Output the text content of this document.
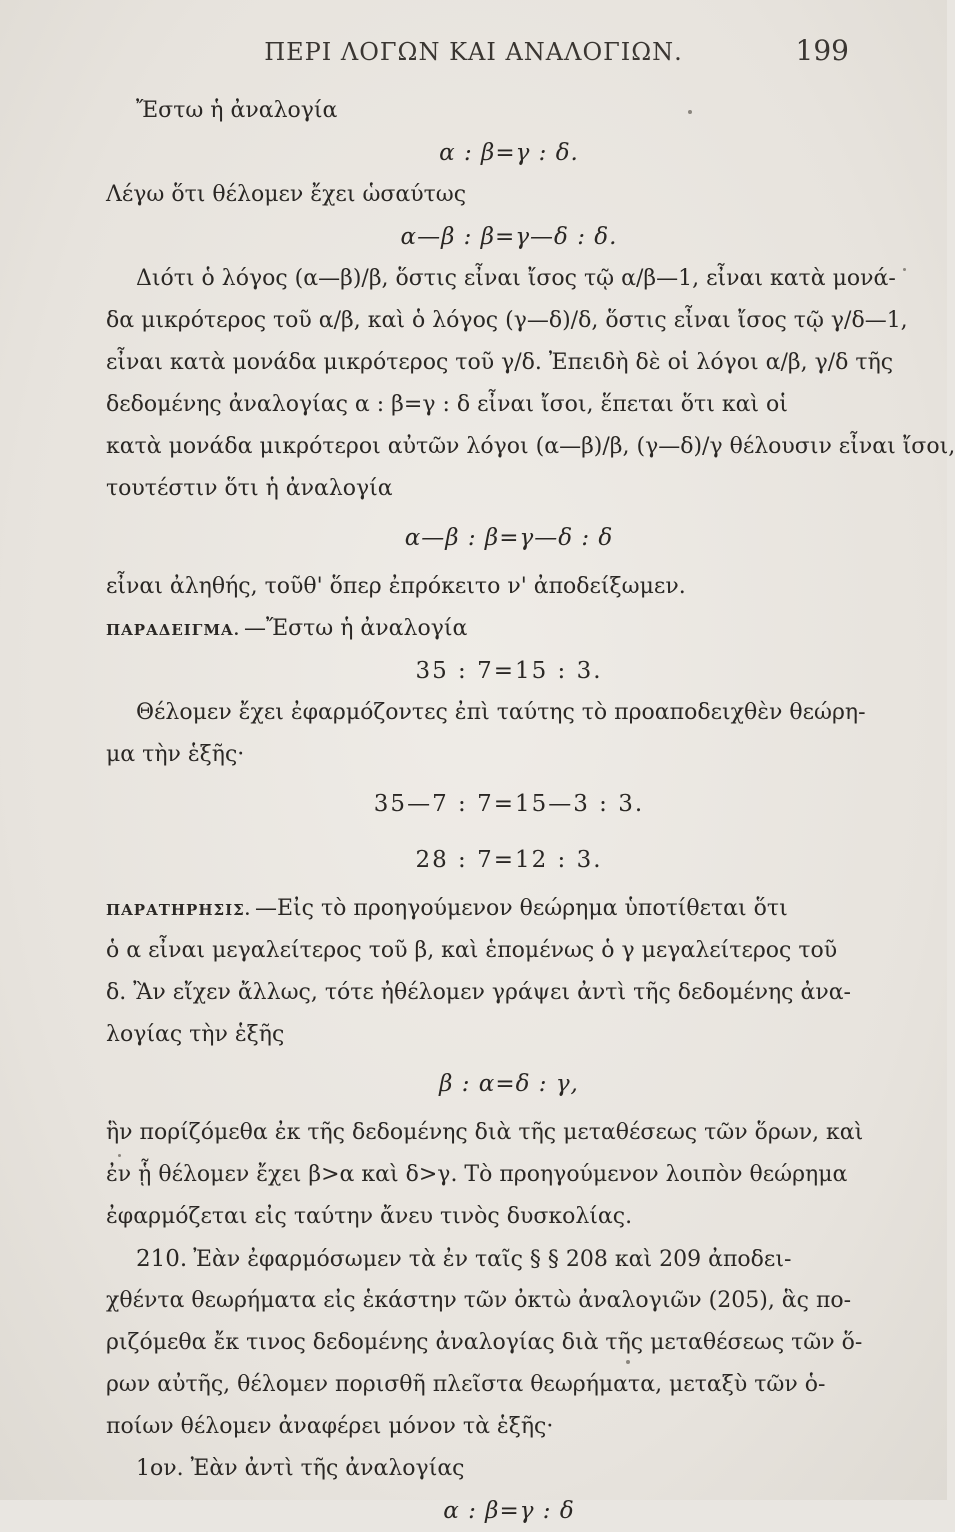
ΠΕΡΙ ΛΟΓΩΝ ΚΑΙ ΑΝΑΛΟΓΙΩΝ.	199
Ἔστω ἡ ἀναλογία
α : β=γ : δ.
Λέγω ὅτι θέλομεν ἔχει ὡσαύτως
α—β : β=γ—δ : δ.
Διότι ὁ λόγος (α—β)/β, ὅστις εἶναι ἴσος τῷ α/β—1, εἶναι κατὰ μονά-
δα μικρότερος τοῦ α/β, καὶ ὁ λόγος (γ—δ)/δ, ὅστις εἶναι ἴσος τῷ γ/δ—1,
εἶναι κατὰ μονάδα μικρότερος τοῦ γ/δ. Ἐπειδὴ δὲ οἱ λόγοι α/β, γ/δ τῆς
δεδομένης ἀναλογίας α : β=γ : δ εἶναι ἴσοι, ἕπεται ὅτι καὶ οἱ
κατὰ μονάδα μικρότεροι αὐτῶν λόγοι (α—β)/β, (γ—δ)/γ θέλουσιν εἶναι ἴσοι,
τουτέστιν ὅτι ἡ ἀναλογία
α—β : β=γ—δ : δ
εἶναι ἀληθής, τοῦθ' ὅπερ ἐπρόκειτο ν' ἀποδείξωμεν.
ΠΑΡΑΔΕΙΓΜΑ. —Ἔστω ἡ ἀναλογία
35 : 7=15 : 3.
Θέλομεν ἔχει ἐφαρμόζοντες ἐπὶ ταύτης τὸ προαποδειχθὲν θεώρη-
μα τὴν ἑξῆς·
35—7 : 7=15—3 : 3.
28 : 7=12 : 3.
ΠΑΡΑΤΗΡΗΣΙΣ. —Εἰς τὸ προηγούμενον θεώρημα ὑποτίθεται ὅτι
ὁ α εἶναι μεγαλείτερος τοῦ β, καὶ ἑπομένως ὁ γ μεγαλείτερος τοῦ
δ. Ἂν εἴχεν ἄλλως, τότε ἠθέλομεν γράψει ἀντὶ τῆς δεδομένης ἀνα-
λογίας τὴν ἑξῆς
β : α=δ : γ,
ἣν πορίζόμεθα ἐκ τῆς δεδομένης διὰ τῆς μεταθέσεως τῶν ὅρων, καὶ
ἐν ᾗ θέλομεν ἔχει β>α καὶ δ>γ. Τὸ προηγούμενον λοιπὸν θεώρημα
ἐφαρμόζεται εἰς ταύτην ἄνευ τινὸς δυσκολίας.
210. Ἐὰν ἐφαρμόσωμεν τὰ ἐν ταῖς § § 208 καὶ 209 ἀποδει-
χθέντα θεωρήματα εἰς ἑκάστην τῶν ὀκτὼ ἀναλογιῶν (205), ἃς πο-
ριζόμεθα ἔκ τινος δεδομένης ἀναλογίας διὰ τῆς μεταθέσεως τῶν ὅ-
ρων αὐτῆς, θέλομεν πορισθῆ πλεῖστα θεωρήματα, μεταξὺ τῶν ὁ-
ποίων θέλομεν ἀναφέρει μόνον τὰ ἑξῆς·
1ον. Ἐὰν ἀντὶ τῆς ἀναλογίας
α : β=γ : δ
